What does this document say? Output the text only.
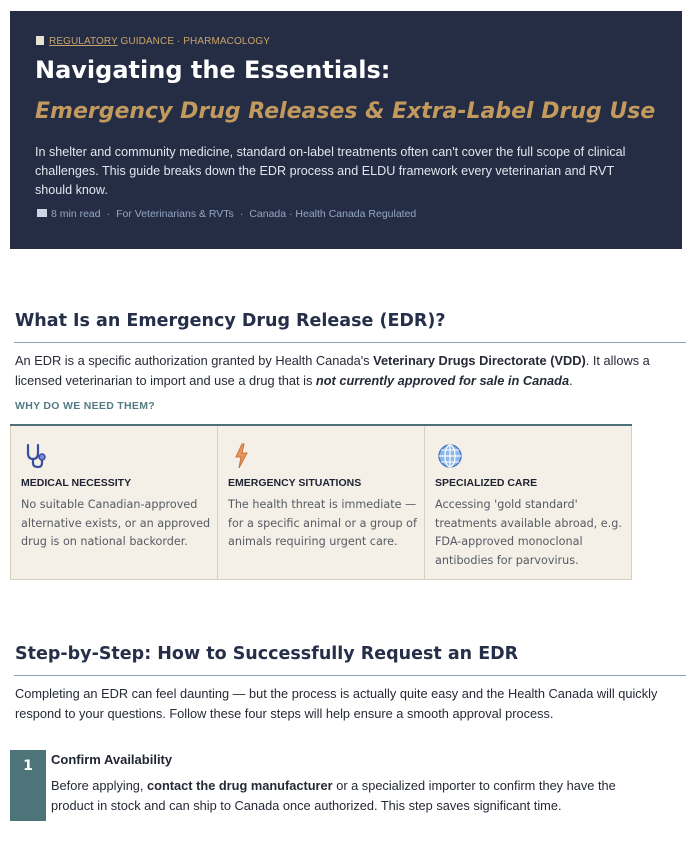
REGULATORY GUIDANCE · PHARMACOLOGY
Navigating the Essentials:
Emergency Drug Releases & Extra-Label Drug Use
In shelter and community medicine, standard on-label treatments often can't cover the full scope of clinical challenges. This guide breaks down the EDR process and ELDU framework every veterinarian and RVT should know.
8 min read · For Veterinarians & RVTs · Canada · Health Canada Regulated
What Is an Emergency Drug Release (EDR)?
An EDR is a specific authorization granted by Health Canada's Veterinary Drugs Directorate (VDD). It allows a licensed veterinarian to import and use a drug that is not currently approved for sale in Canada.
WHY DO WE NEED THEM?
MEDICAL NECESSITY
No suitable Canadian-approved alternative exists, or an approved drug is on national backorder.
EMERGENCY SITUATIONS
The health threat is immediate — for a specific animal or a group of animals requiring urgent care.
SPECIALIZED CARE
Accessing 'gold standard' treatments available abroad, e.g. FDA-approved monoclonal antibodies for parvovirus.
Step-by-Step: How to Successfully Request an EDR
Completing an EDR can feel daunting — but the process is actually quite easy and the Health Canada will quickly respond to your questions. Follow these four steps will help ensure a smooth approval process.
1	Confirm Availability
Before applying, contact the drug manufacturer or a specialized importer to confirm they have the product in stock and can ship to Canada once authorized. This step saves significant time.
